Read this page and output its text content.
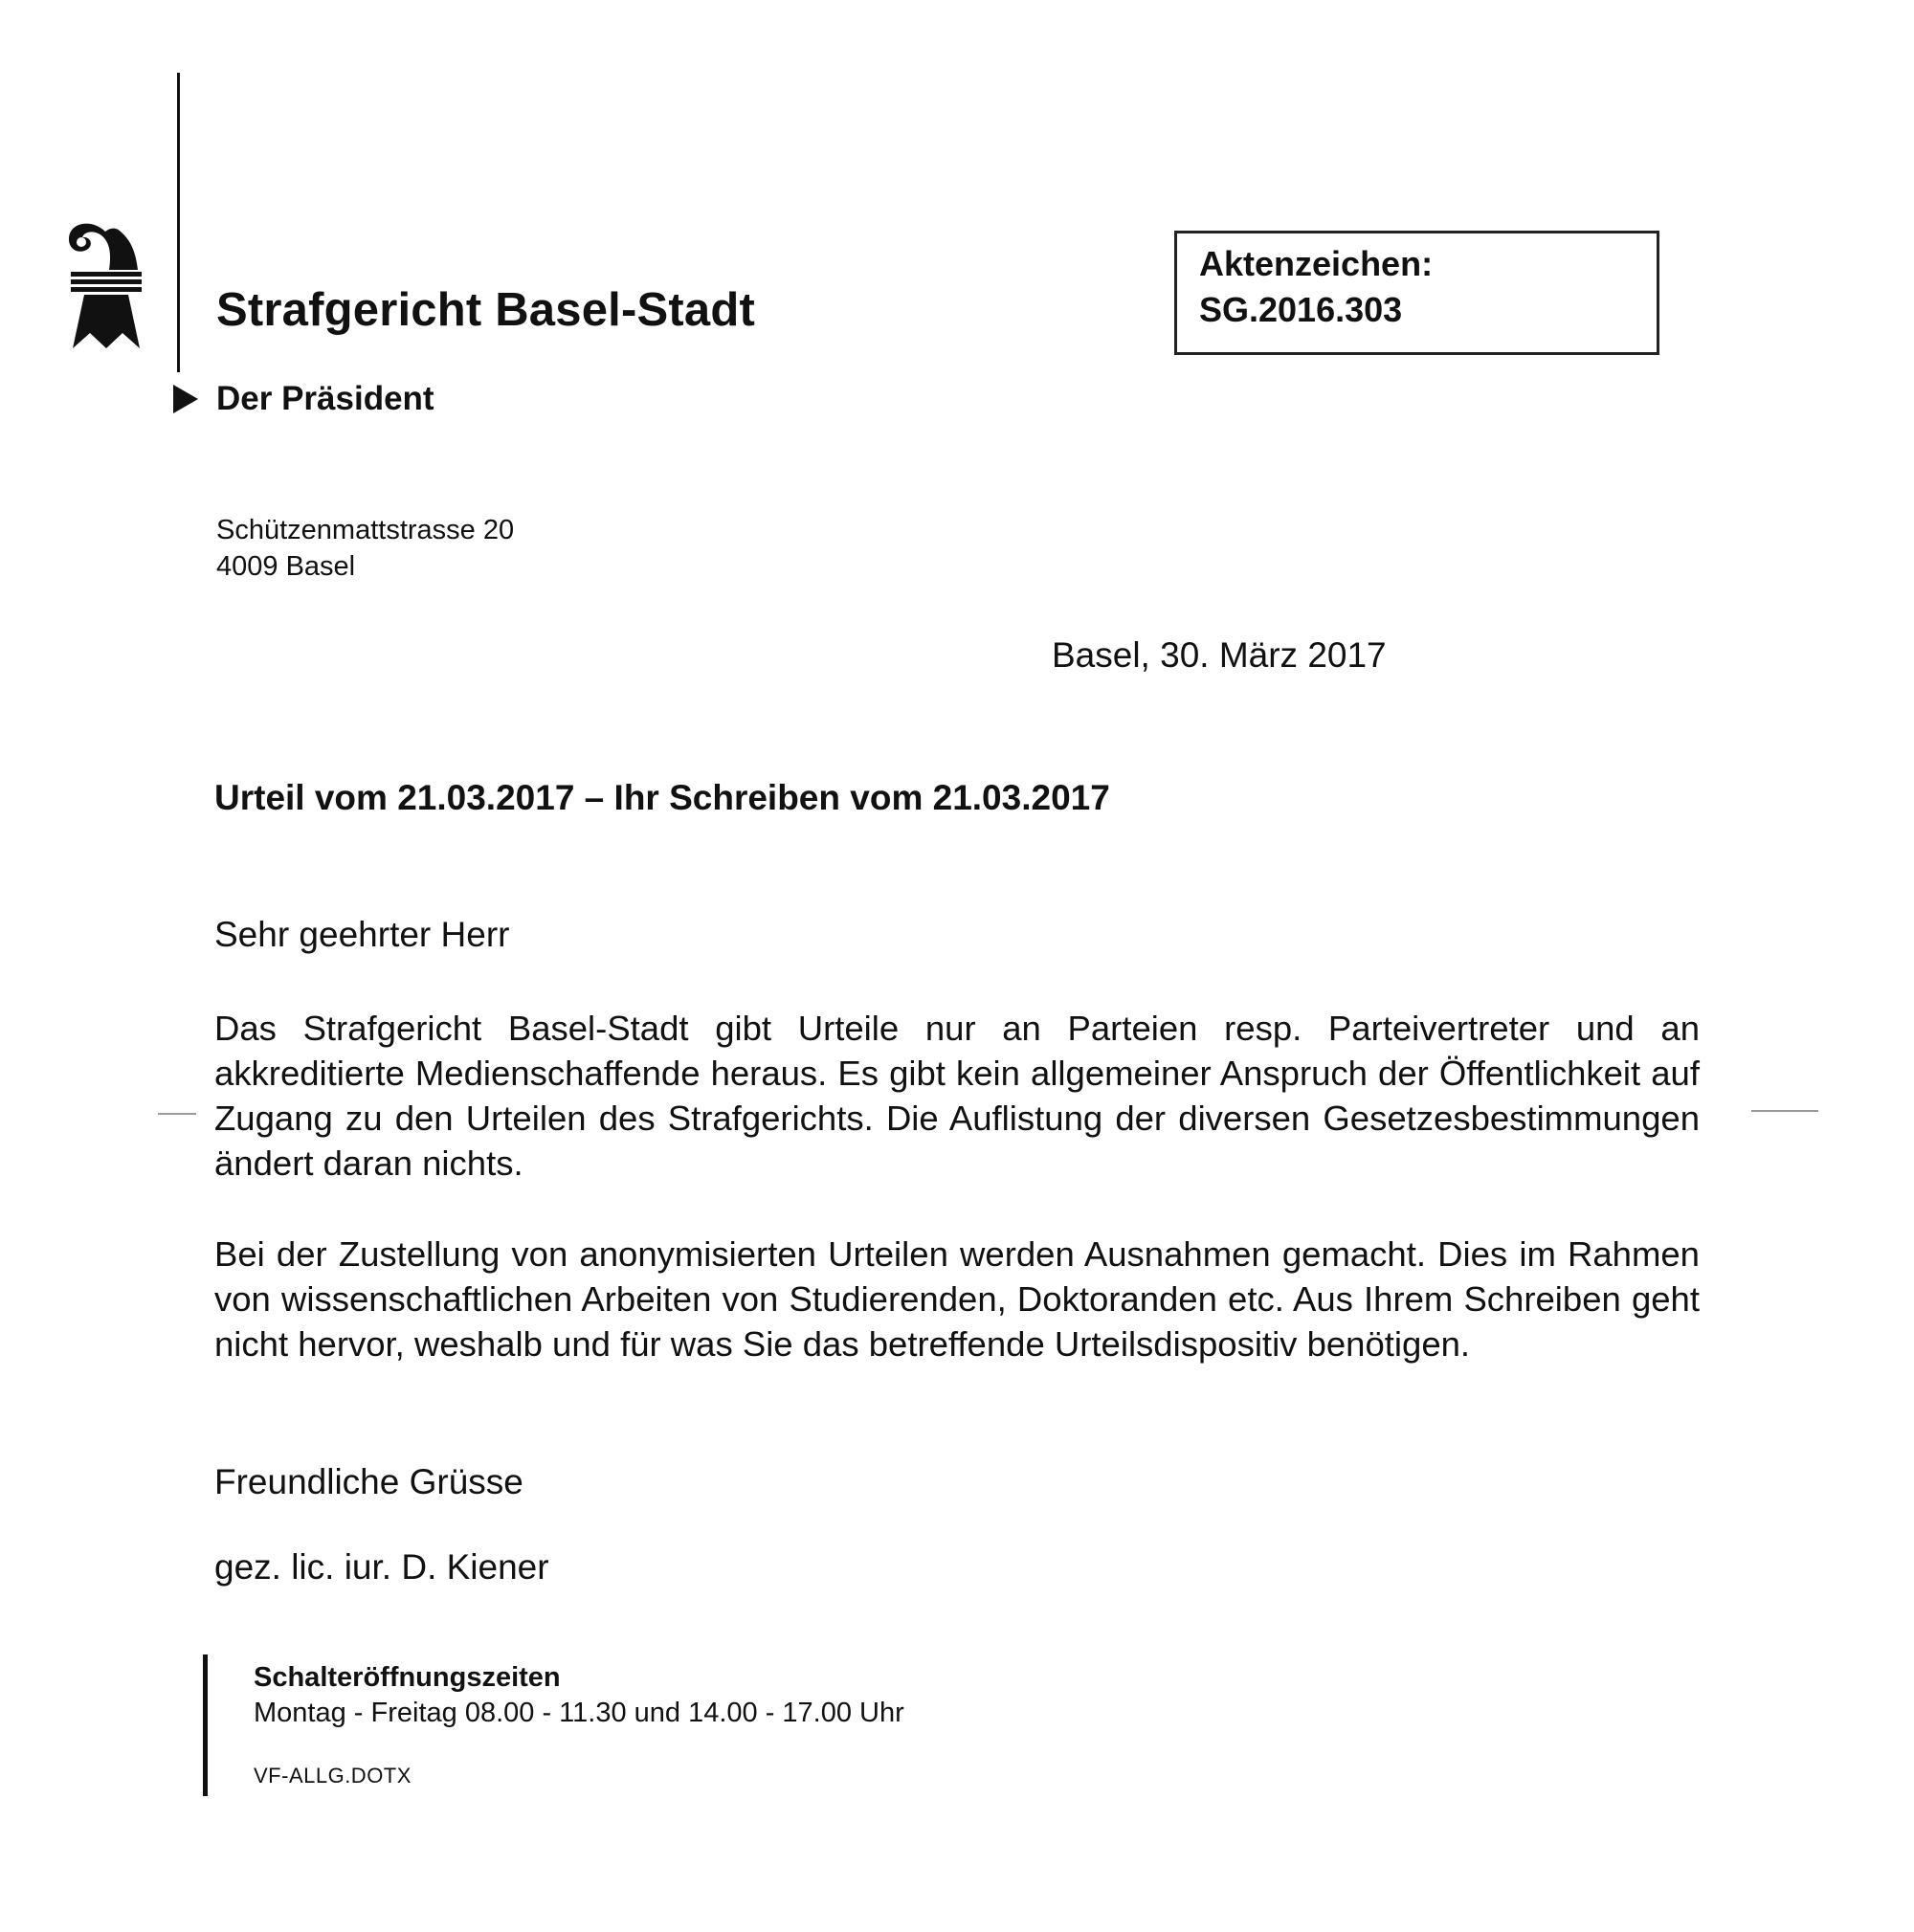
Strafgericht Basel-Stadt
Der Präsident
Aktenzeichen:
SG.2016.303
Schützenmattstrasse 20
4009 Basel
Basel, 30. März 2017
Urteil vom 21.03.2017 – Ihr Schreiben vom 21.03.2017
Sehr geehrter Herr
Das Strafgericht Basel-Stadt gibt Urteile nur an Parteien resp. Parteivertreter und an akkreditierte Medienschaffende heraus. Es gibt kein allgemeiner Anspruch der Öffentlichkeit auf Zugang zu den Urteilen des Strafgerichts. Die Auflistung der diversen Gesetzesbestimmungen ändert daran nichts.
Bei der Zustellung von anonymisierten Urteilen werden Ausnahmen gemacht. Dies im Rahmen von wissenschaftlichen Arbeiten von Studierenden, Doktoranden etc. Aus Ihrem Schreiben geht nicht hervor, weshalb und für was Sie das betreffende Urteilsdispositiv benötigen.
Freundliche Grüsse
gez. lic. iur. D. Kiener
Schalteröffnungszeiten
Montag - Freitag 08.00 - 11.30 und 14.00 - 17.00 Uhr
VF-ALLG.DOTX
